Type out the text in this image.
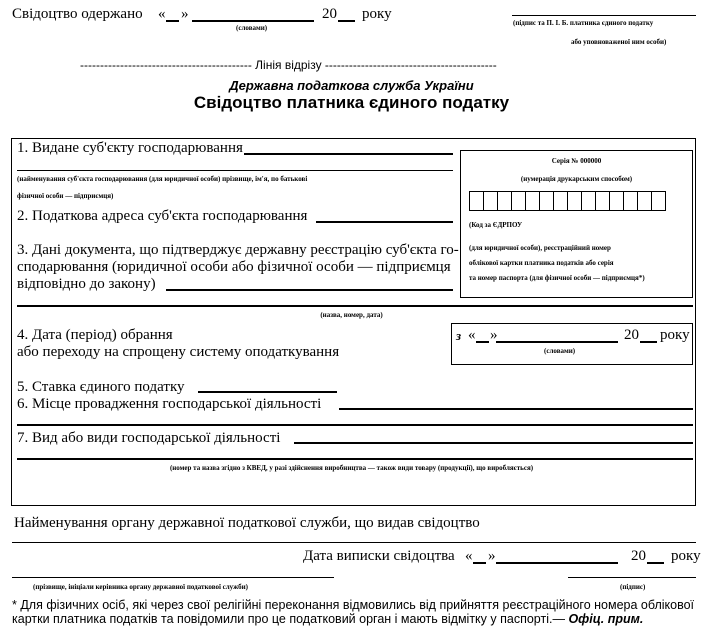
Свідоцтво одержано « »	20 року
(словами)
(підпис та П. І. Б. платника єдиного податку
або уповноваженої ним особи)
------------------------------------------- Лінія відрізу -------------------------------------------
Державна податкова служба України
Свідоцтво платника єдиного податку
Серія № 000000
(нумерація друкарським способом)
(Код за ЄДРПОУ
(для юридичної особи), реєстраційний номер
облікової картки платника податків або серія
та номер паспорта (для фізичної особи — підприємця*)
1. Видане суб'єкту господарювання
(найменування суб'єкта господарювання (для юридичної особи) прізвище, ім'я, по батькові
фізичної особи — підприємця)
2. Податкова адреса суб'єкта господарювання
3. Дані документа, що підтверджує державну реєстрацію суб'єкта го-
сподарювання (юридичної особи або фізичної особи — підприємця
відповідно до закону)
(назва, номер, дата)
4. Дата (період) обрання
або переходу на спрощену систему оподаткування
з « »	20 року
(словами)
5. Ставка єдиного податку
6. Місце провадження господарської діяльності
7. Вид або види господарської діяльності
(номер та назва згідно з КВЕД, у разі здійснення виробництва — також види товару (продукції), що виробляється)
Найменування органу державної податкової служби, що видав свідоцтво
Дата виписки свідоцтва « »	20 року
(прізвище, ініціали керівника органу державної податкової служби)	(підпис)
* Для фізичних осіб, які через свої релігійні переконання відмовились від прийняття реєстраційного номера облікової картки платника податків та повідомили про це податковий орган і мають відмітку у паспорті.— Офіц. прим.
